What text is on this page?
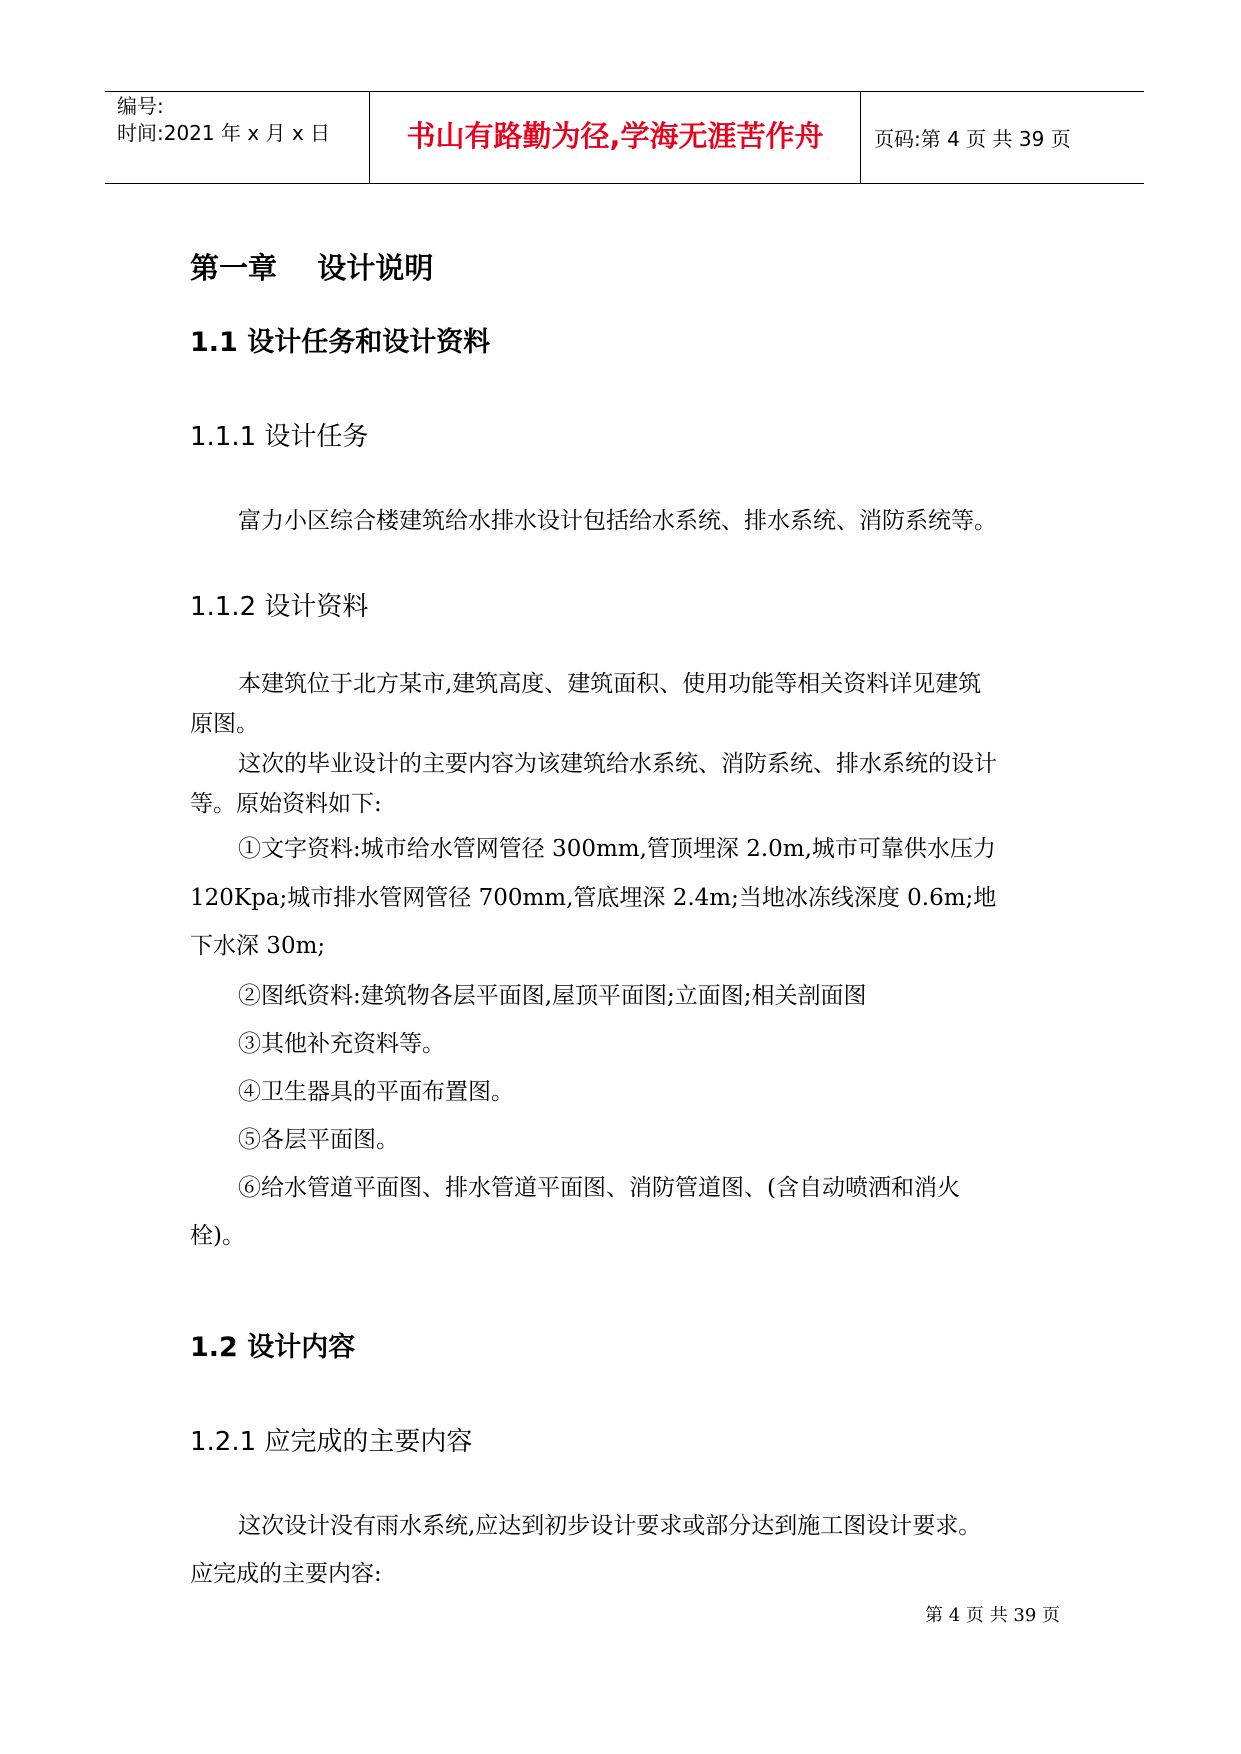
编号:
时间:2021 年 x 月 x 日	书山有路勤为径,学海无涯苦作舟	页码:第 4 页 共 39 页
第一章    设计说明
1.1 设计任务和设计资料
1.1.1 设计任务
富力小区综合楼建筑给水排水设计包括给水系统、排水系统、消防系统等。
1.1.2 设计资料
本建筑位于北方某市,建筑高度、建筑面积、使用功能等相关资料详见建筑
原图。
这次的毕业设计的主要内容为该建筑给水系统、消防系统、排水系统的设计
等。原始资料如下:
①文字资料:城市给水管网管径 300mm,管顶埋深 2.0m,城市可靠供水压力
120Kpa;城市排水管网管径 700mm,管底埋深 2.4m;当地冰冻线深度 0.6m;地
下水深 30m;
②图纸资料:建筑物各层平面图,屋顶平面图;立面图;相关剖面图
③其他补充资料等。
④卫生器具的平面布置图。
⑤各层平面图。
⑥给水管道平面图、排水管道平面图、消防管道图、(含自动喷洒和消火
栓)。
1.2 设计内容
1.2.1 应完成的主要内容
这次设计没有雨水系统,应达到初步设计要求或部分达到施工图设计要求。
应完成的主要内容:
第 4 页 共 39 页
